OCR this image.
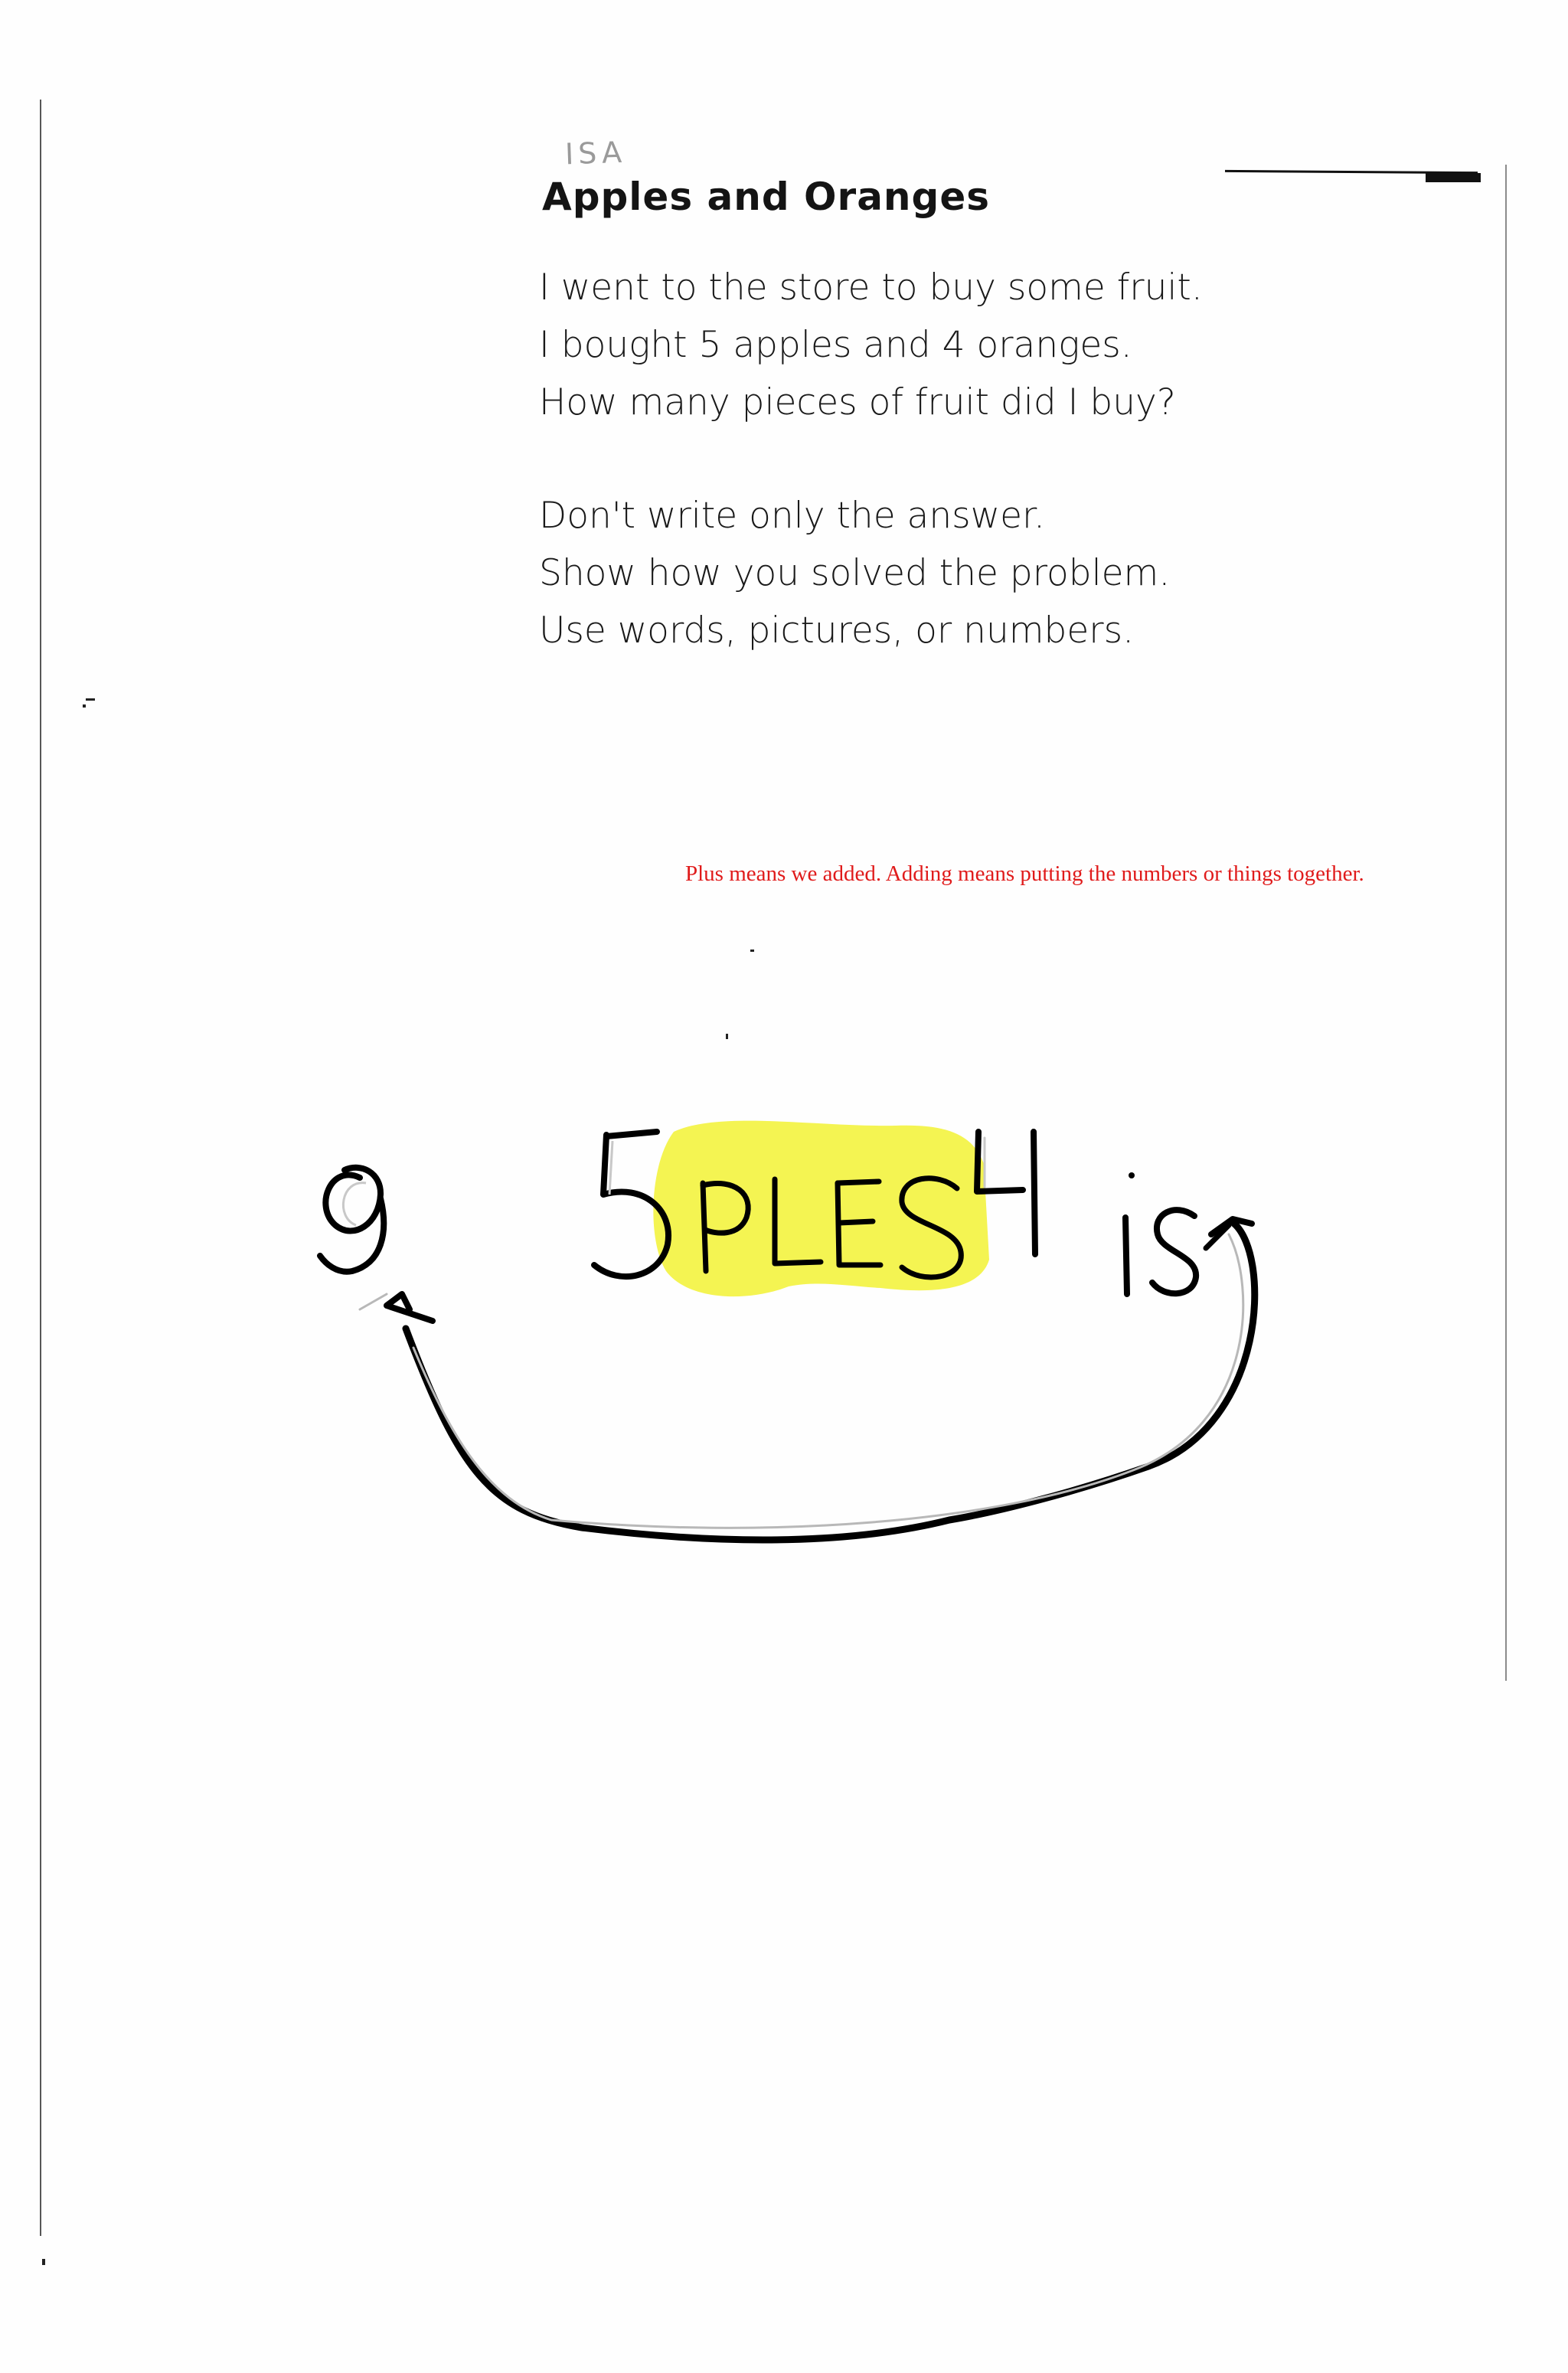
ISA
Apples and Oranges

I went to the store to buy some fruit.
I bought 5 apples and 4 oranges.
How many pieces of fruit did I buy?

Don't write only the answer.
Show how you solved the problem.
Use words, pictures, or numbers.

Plus means we added. Adding means putting the numbers or things together.
